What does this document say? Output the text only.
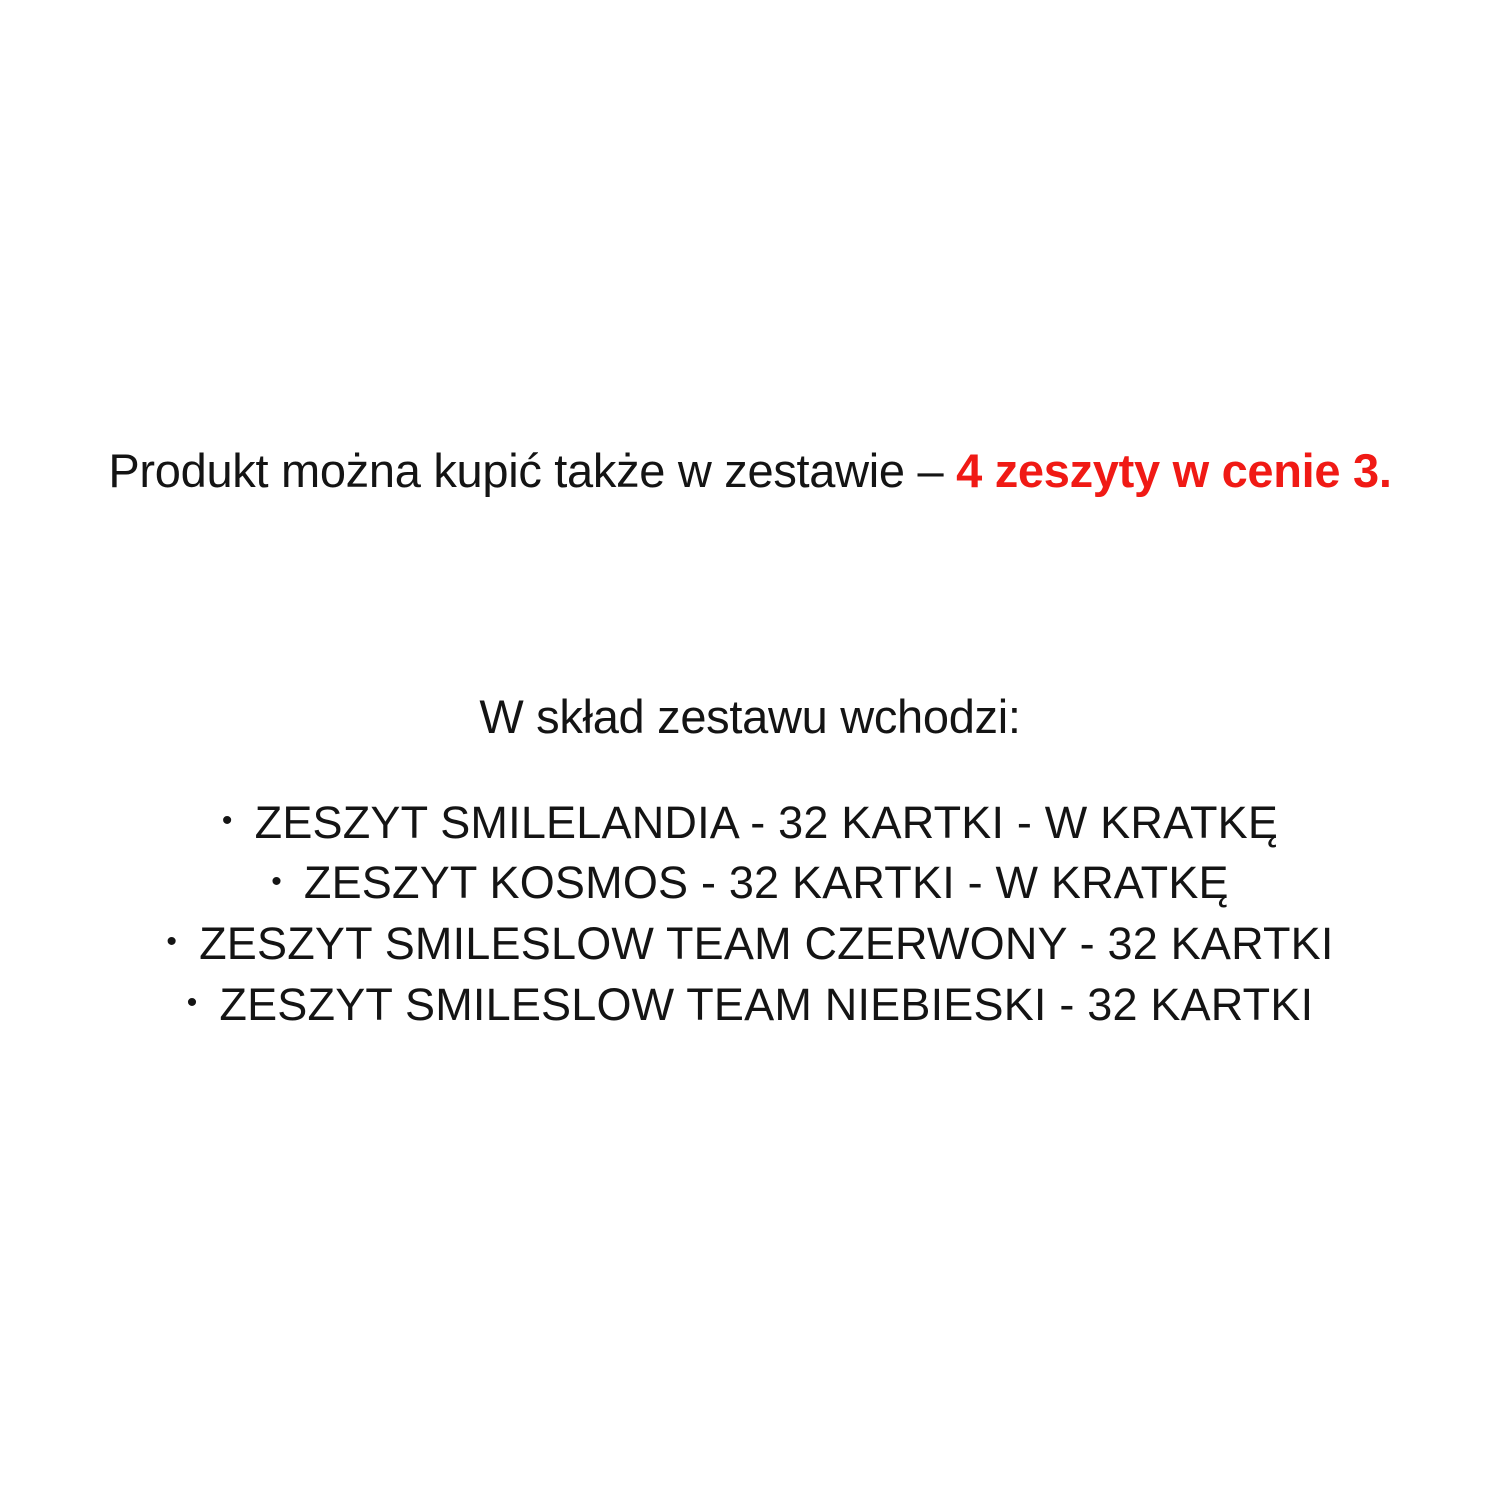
Produkt można kupić także w zestawie – 4 zeszyty w cenie 3.

W skład zestawu wchodzi:

• ZESZYT SMILELANDIA - 32 KARTKI - W KRATKĘ
• ZESZYT KOSMOS - 32 KARTKI - W KRATKĘ
• ZESZYT SMILESLOW TEAM CZERWONY - 32 KARTKI
• ZESZYT SMILESLOW TEAM NIEBIESKI - 32 KARTKI
